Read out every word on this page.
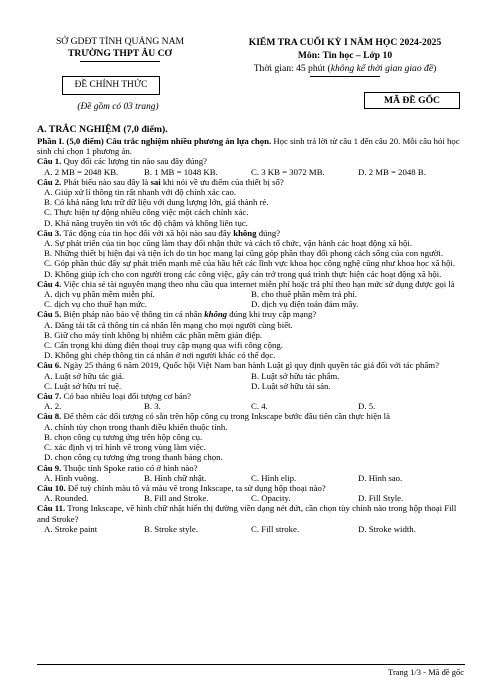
SỞ GDĐT TỈNH QUẢNG NAM
TRƯỜNG THPT ÂU CƠ
ĐỀ CHÍNH THỨC
(Đề gồm có 03 trang)
KIỂM TRA CUỐI KỲ I NĂM HỌC 2024-2025
Môn: Tin học – Lớp 10
Thời gian: 45 phút (không kể thời gian giao đề)
MÃ ĐỀ GỐC
A. TRẮC NGHIỆM (7,0 điểm).

Phần I. (5,0 điểm) Câu trắc nghiệm nhiều phương án lựa chọn. Học sinh trả lời từ câu 1 đến câu 20. Mỗi câu hỏi học sinh chỉ chọn 1 phương án.

Câu 1. Quy đổi các lượng tin nào sau đây đúng?

A. 2 MB = 2048 KB.	B. 1 MB = 1048 KB.	C. 3 KB = 3072 MB.	D. 2 MB = 2048 B.

Câu 2. Phát biểu nào sau đây là sai khi nói về ưu điểm của thiết bị số?

A. Giúp xử lí thông tin rất nhanh với độ chính xác cao.
B. Có khả năng lưu trữ dữ liệu với dung lượng lớn, giá thành rẻ.
C. Thực hiện tự động nhiều công việc một cách chính xác.
D. Khả năng truyền tin với tốc độ chậm và không liên tục.

Câu 3. Tác động của tin học đối với xã hội nào sau đây không đúng?

A. Sự phát triển của tin học cũng làm thay đổi nhận thức và cách tổ chức, vận hành các hoạt động xã hội.
B. Những thiết bị hiện đại và tiện ích do tin học mang lại cũng góp phần thay đổi phong cách sống của con người.
C. Góp phần thúc đẩy sự phát triển mạnh mẽ của hầu hết các lĩnh vực khoa học công nghệ cũng như khoa học xã hội.
D. Không giúp ích cho con người trong các công việc, gây cản trở trong quá trình thực hiện các hoạt động xã hội.

Câu 4. Việc chia sẻ tài nguyên mạng theo nhu cầu qua internet miễn phí hoặc trả phí theo hạn mức sử dụng được gọi là

A. dịch vụ phần mềm miễn phí.	B. cho thuê phần mềm trả phí.
C. dịch vụ cho thuê hạn mức.	D. dịch vụ điện toán đám mây.

Câu 5. Biện pháp nào bảo vệ thông tin cá nhân không đúng khi truy cập mạng?

A. Đăng tải tất cả thông tin cá nhân lên mạng cho mọi người cùng biết.
B. Giữ cho máy tính không bị nhiễm các phần mềm gián điệp.
C. Cẩn trọng khi dùng điện thoại truy cập mạng qua wifi công cộng.
D. Không ghi chép thông tin cá nhân ở nơi người khác có thể đọc.

Câu 6. Ngày 25 tháng 6 năm 2019, Quốc hội Việt Nam ban hành Luật gì quy định quyền tác giả đối với tác phẩm?

A. Luật sở hữu tác giả.	B. Luật sở hữu tác phẩm.
C. Luật sở hữu trí tuệ.	D. Luật sở hữu tài sản.

Câu 7. Có bao nhiêu loại đối tượng cơ bản?

A. 2.	B. 3.	C. 4.	D. 5.

Câu 8. Để thêm các đối tượng có sẵn trên hộp công cụ trong Inkscape bước đầu tiên cần thực hiện là

A. chính tùy chọn trong thanh điều khiển thuộc tính.
B. chọn công cụ tương ứng trên hộp công cụ.
C. xác định vị trí hình vẽ trong vùng làm việc.
D. chọn công cụ tương ứng trong thanh bảng chọn.

Câu 9. Thuộc tính Spoke ratio có ở hình nào?

A. Hình vuông.	B. Hình chữ nhật.	C. Hình elip.	D. Hình sao.

Câu 10. Để tuỳ chỉnh màu tô và màu vẽ trong Inkscape, ta sử dụng hộp thoại nào?

A. Rounded.	B. Fill and Stroke.	C. Opacity.	D. Fill Style.

Câu 11. Trong Inkscape, vẽ hình chữ nhật hiển thị đường viền dạng nét đứt, cần chọn tùy chỉnh nào trong hộp thoại Fill and Stroke?

A. Stroke paint	B. Stroke style.	C. Fill stroke.	D. Stroke width.
Trang 1/3 - Mã đề gốc
